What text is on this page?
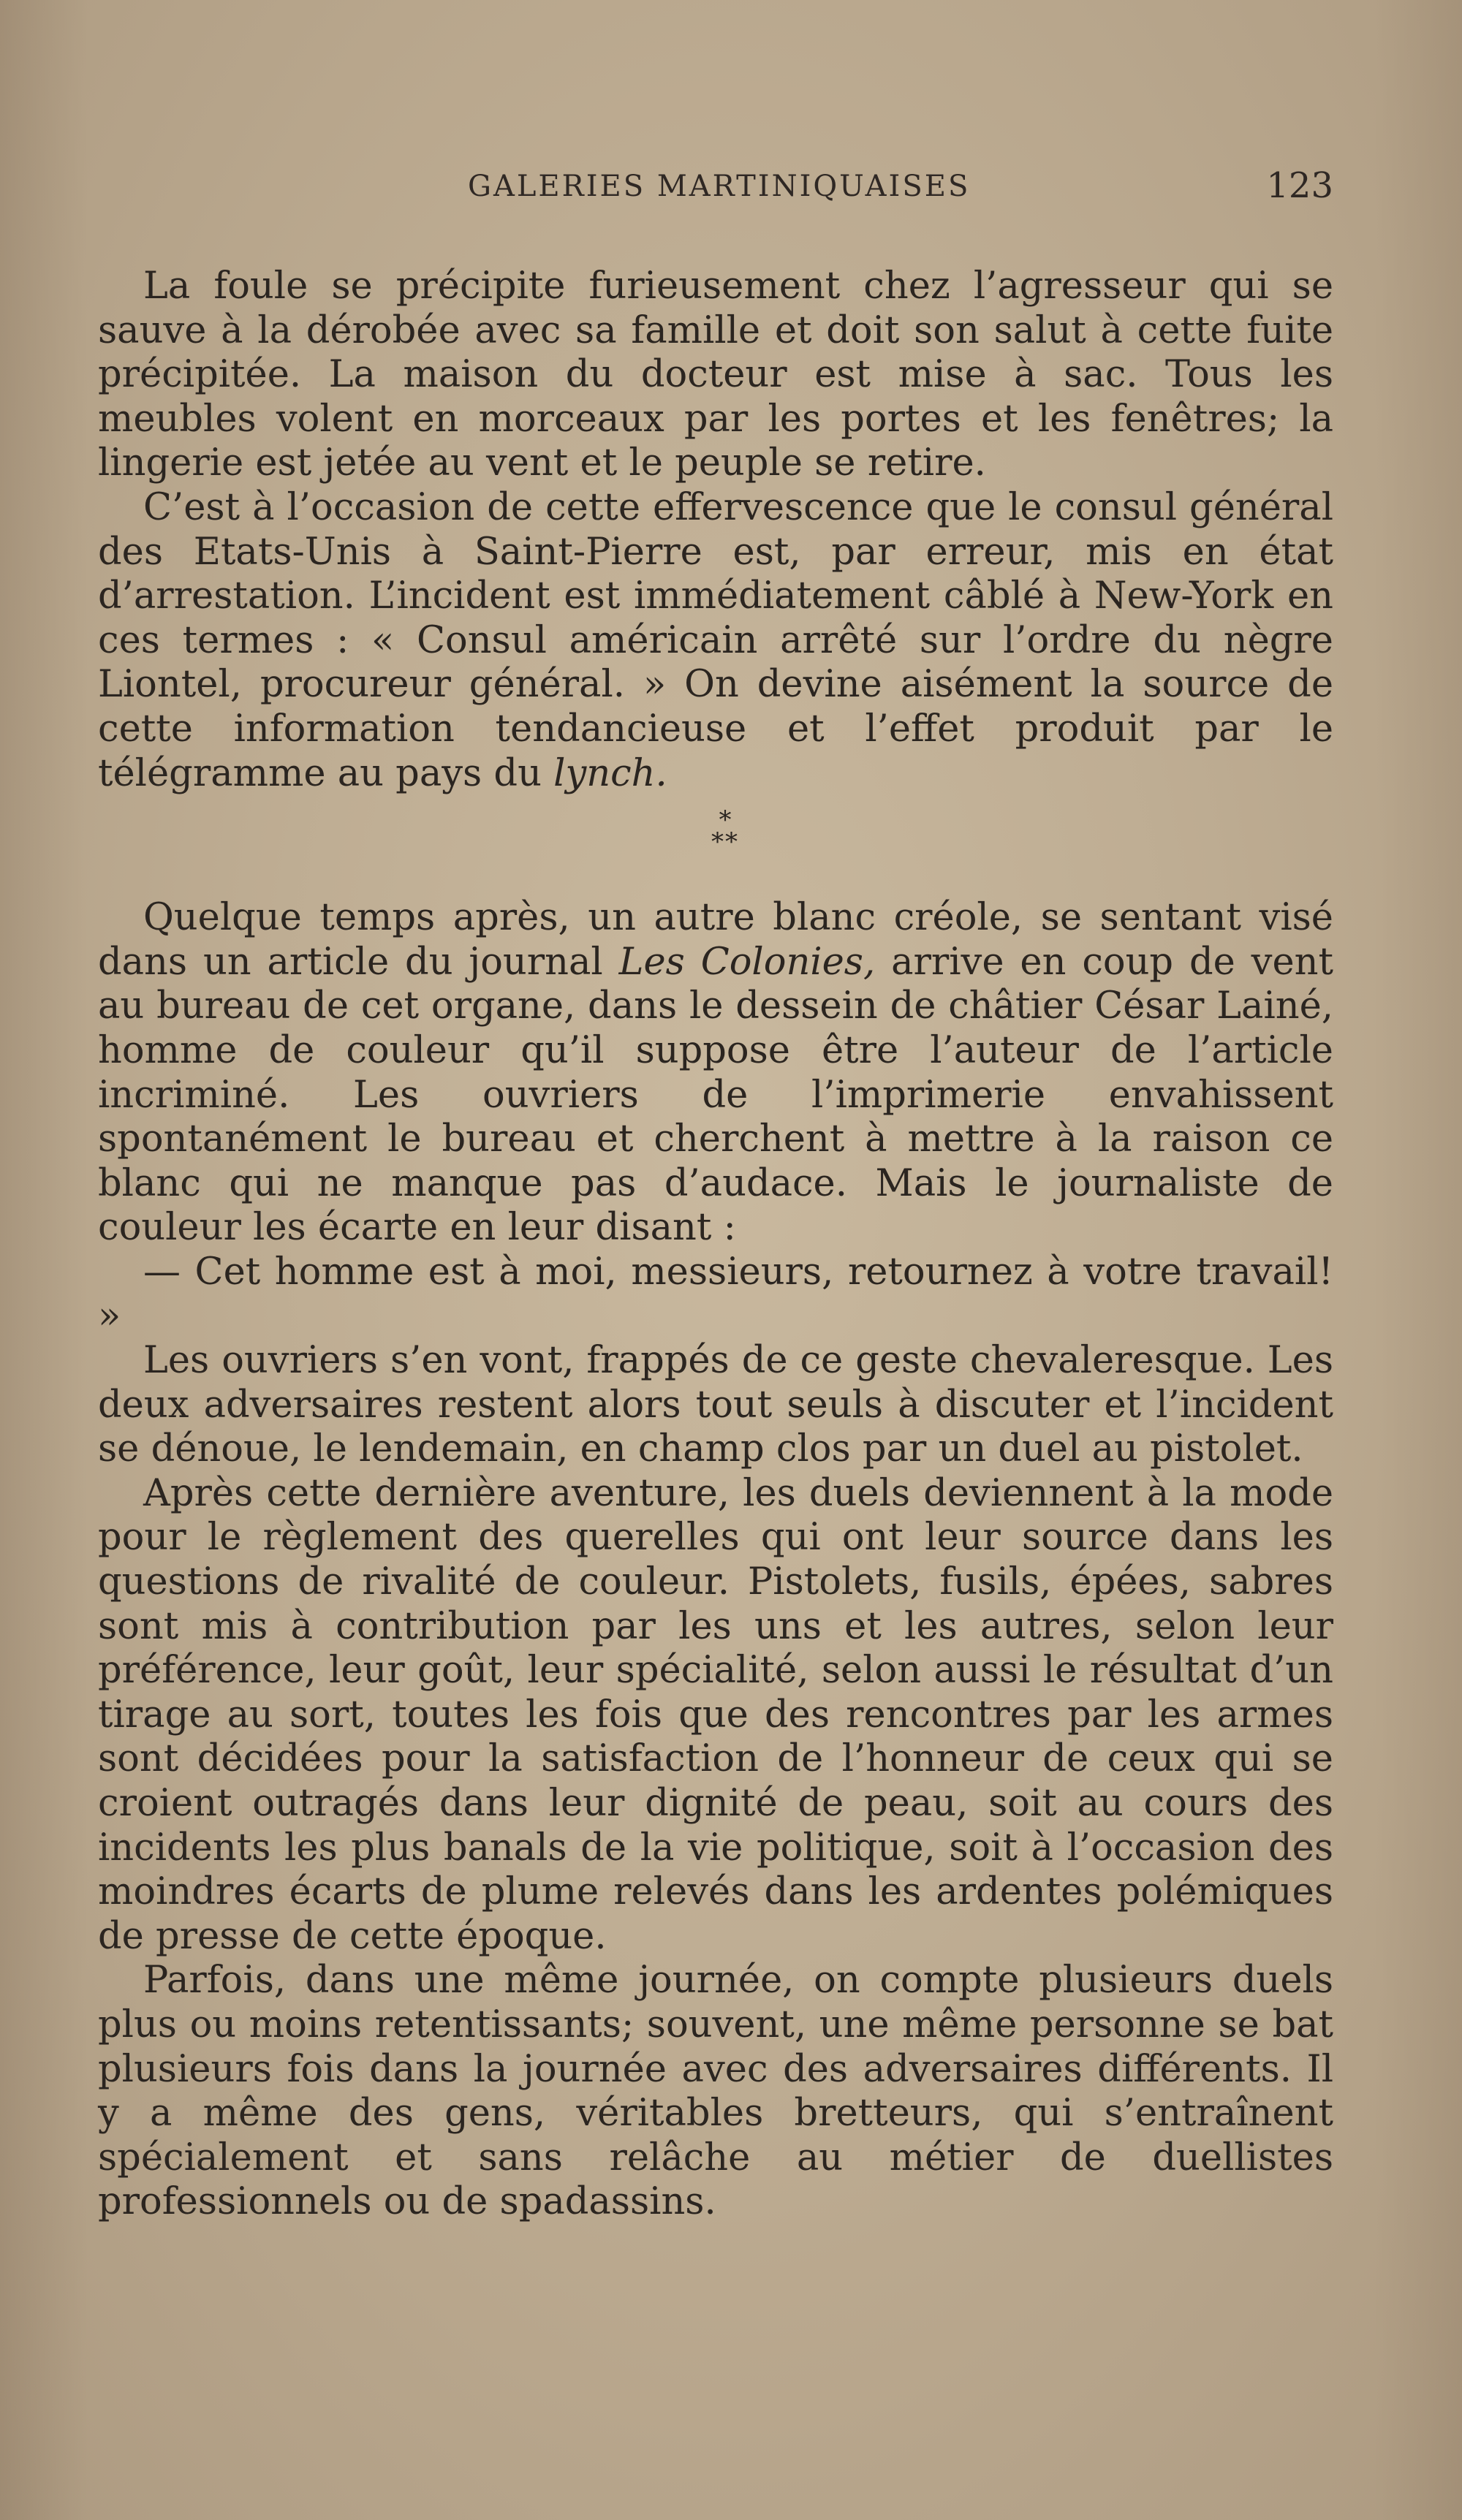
GALERIES MARTINIQUAISES	123

La foule se précipite furieusement chez l’agresseur qui se sauve à la dérobée avec sa famille et doit son salut à cette fuite précipitée. La maison du docteur est mise à sac. Tous les meubles volent en morceaux par les portes et les fenêtres; la lingerie est jetée au vent et le peuple se retire.

C’est à l’occasion de cette effervescence que le consul général des Etats-Unis à Saint-Pierre est, par erreur, mis en état d’arrestation. L’incident est immédiatement câblé à New-York en ces termes : « Consul américain arrêté sur l’ordre du nègre Liontel, procureur général. » On devine aisément la source de cette information tendancieuse et l’effet produit par le télégramme au pays du lynch.

*
**

Quelque temps après, un autre blanc créole, se sentant visé dans un article du journal Les Colonies, arrive en coup de vent au bureau de cet organe, dans le dessein de châtier César Lainé, homme de couleur qu’il suppose être l’auteur de l’article incriminé. Les ouvriers de l’imprimerie envahissent spontanément le bureau et cherchent à mettre à la raison ce blanc qui ne manque pas d’audace. Mais le journaliste de couleur les écarte en leur disant :

— Cet homme est à moi, messieurs, retournez à votre travail! »

Les ouvriers s’en vont, frappés de ce geste chevaleresque. Les deux adversaires restent alors tout seuls à discuter et l’incident se dénoue, le lendemain, en champ clos par un duel au pistolet.

Après cette dernière aventure, les duels deviennent à la mode pour le règlement des querelles qui ont leur source dans les questions de rivalité de couleur. Pistolets, fusils, épées, sabres sont mis à contribution par les uns et les autres, selon leur préférence, leur goût, leur spécialité, selon aussi le résultat d’un tirage au sort, toutes les fois que des rencontres par les armes sont décidées pour la satisfaction de l’honneur de ceux qui se croient outragés dans leur dignité de peau, soit au cours des incidents les plus banals de la vie politique, soit à l’occasion des moindres écarts de plume relevés dans les ardentes polémiques de presse de cette époque.

Parfois, dans une même journée, on compte plusieurs duels plus ou moins retentissants; souvent, une même personne se bat plusieurs fois dans la journée avec des adversaires différents. Il y a même des gens, véritables bretteurs, qui s’entraînent spécialement et sans relâche au métier de duellistes professionnels ou de spadassins.
